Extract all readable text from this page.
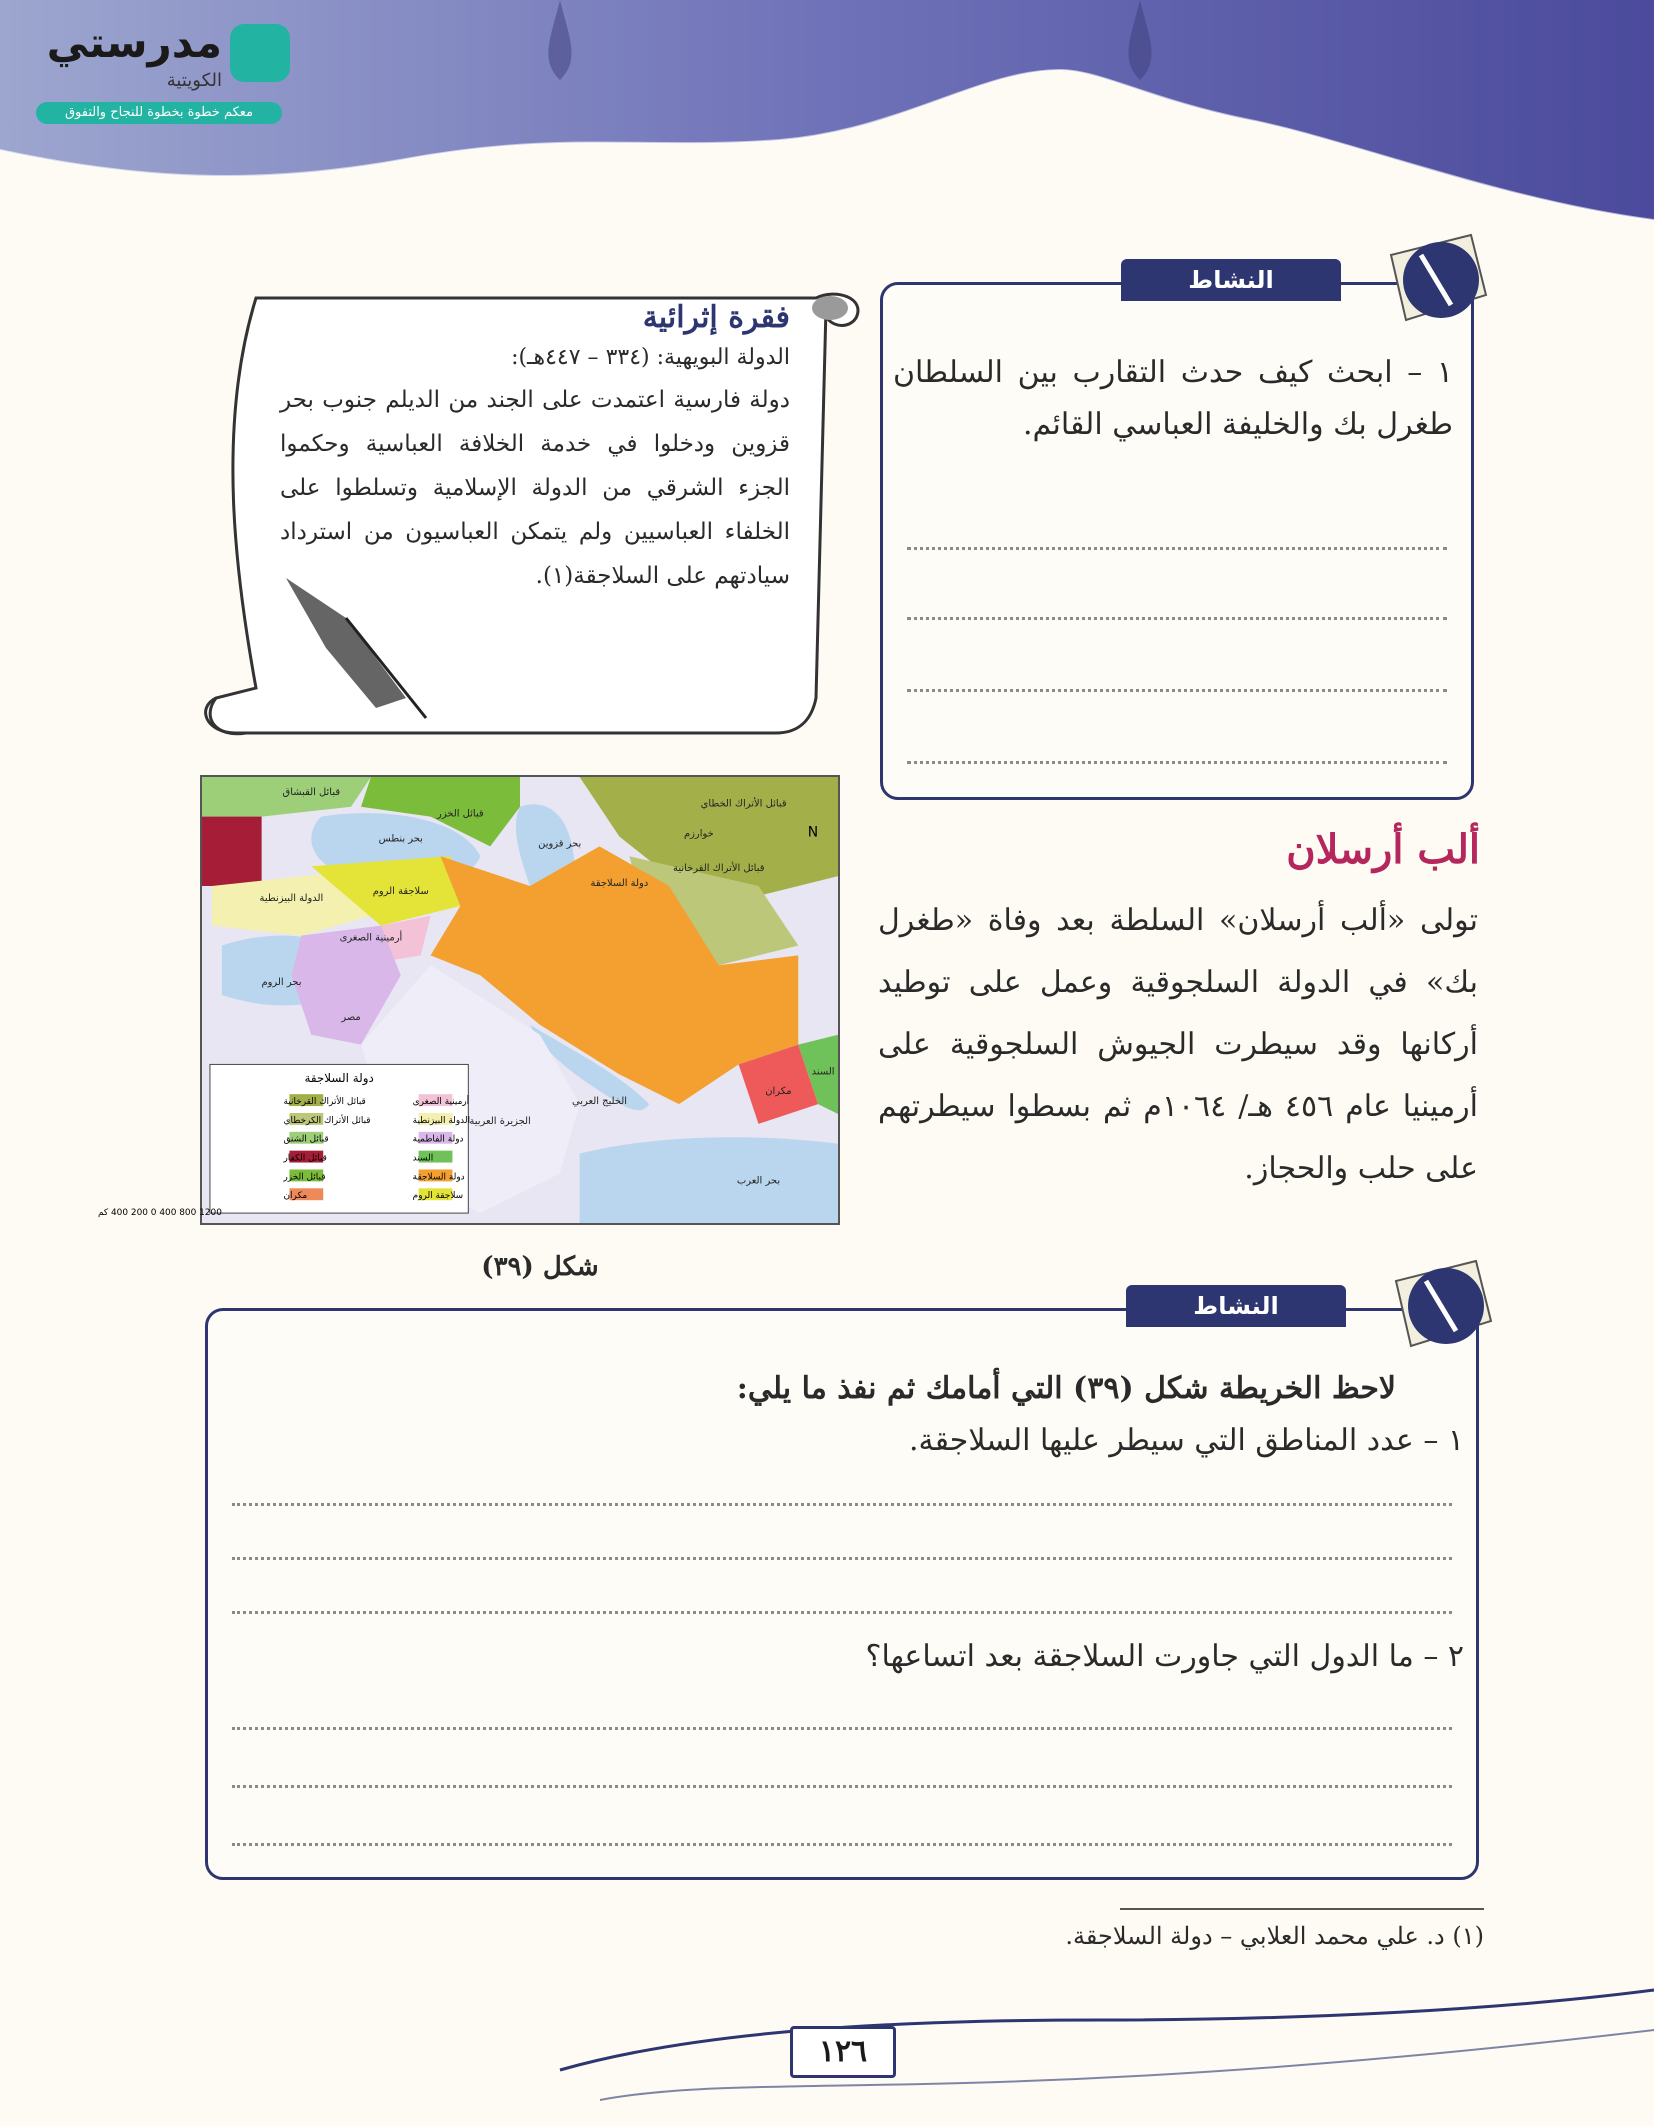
مدرستي
الكويتية
معكم خطوة بخطوة للنجاح والتفوق
فقرة إثرائية
الدولة البويهية: (٣٣٤ – ٤٤٧هـ):
دولة فارسية اعتمدت على الجند من الديلم جنوب بحر قزوين ودخلوا في خدمة الخلافة العباسية وحكموا الجزء الشرقي من الدولة الإسلامية وتسلطوا على الخلفاء العباسيين ولم يتمكن العباسيون من استرداد سيادتهم على السلاجقة(١).
النشاط
١ – ابحث كيف حدث التقارب بين السلطان طغرل بك والخليفة العباسي القائم.
دولة السلاجقة
أرمينية الصغرى
الدولة البيزنطية
دولة الفاطمية
السند
دولة السلاجقة
سلاجقة الروم
قبائل الأتراك القرخانية
قبائل الأتراك الكرخطاي
قبائل الشنق
قبائل الكفار
قبائل الخزر
مكران
قبائل القبشاق
قبائل الخزر
بحر قزوين
قبائل الأتراك الخطاي
قبائل الأتراك القرخانية
بحر بنطس
الدولة البيزنطية
سلاجقة الروم
دولة السلاجقة
أرمينية الصغرى
بحر الروم
مكران
السند
الجزيرة العربية
بحر العرب
الخليج العربي
مصر
خوارزم
1200 800 400 0 200 400 كم
N
شكل (٣٩)
ألب أرسلان
تولى «ألب أرسلان» السلطة بعد وفاة «طغرل بك» في الدولة السلجوقية وعمل على توطيد أركانها وقد سيطرت الجيوش السلجوقية على أرمينيا عام ٤٥٦ هـ/ ١٠٦٤م ثم بسطوا سيطرتهم على حلب والحجاز.
النشاط
لاحظ الخريطة شكل (٣٩) التي أمامك ثم نفذ ما يلي:
١ – عدد المناطق التي سيطر عليها السلاجقة.
٢ – ما الدول التي جاورت السلاجقة بعد اتساعها؟
(١) د. علي محمد العلابي – دولة السلاجقة.
١٢٦
